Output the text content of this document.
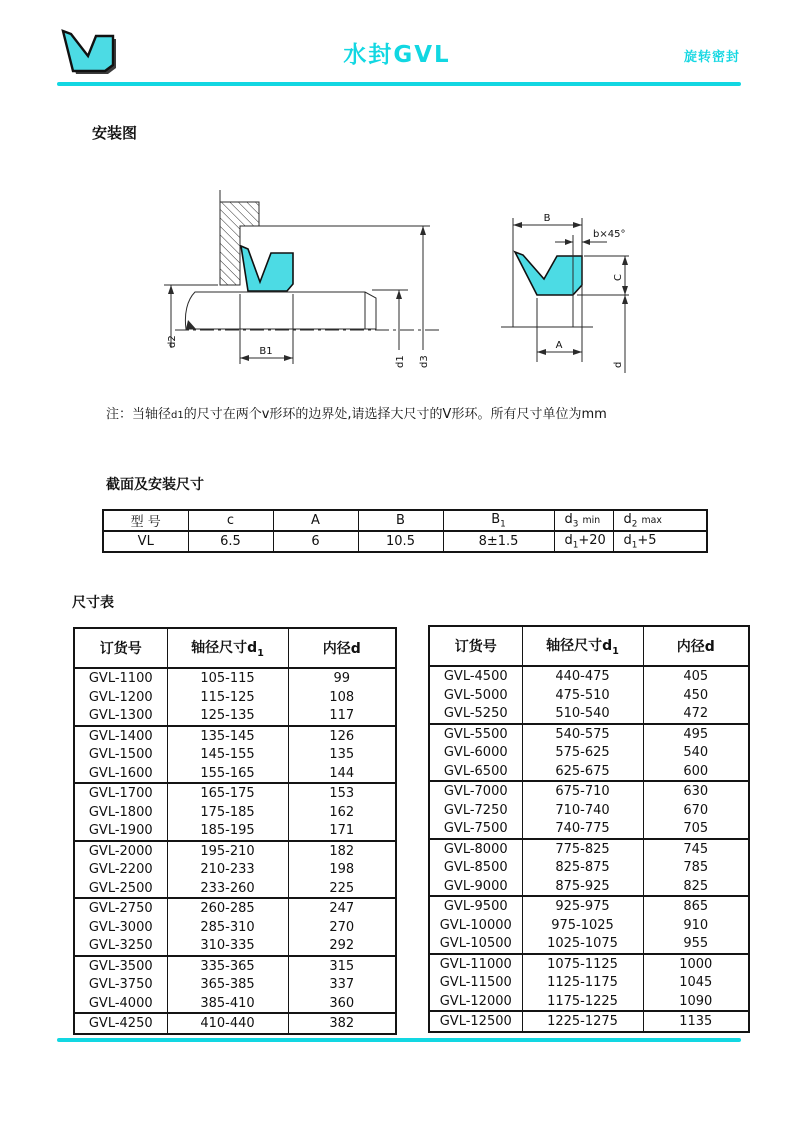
水封GVL	旋转密封
安装图
d2
B1
d1 d3
B
b×45°
C
A
d
注：当轴径d1的尺寸在两个v形环的边界处,请选择大尺寸的V形环。所有尺寸单位为mm
截面及安装尺寸
型 号	c	A	B	$B_1$	$d_3$ min	$d_2$ max
VL	6.5	6	10.5	8±1.5	$d_1+20$	$d_1+5$
尺寸表
订货号	轴径尺寸$d_1$	内径d
GVL-1100	105-115	99
GVL-1200	115-125	108
GVL-1300	125-135	117
GVL-1400	135-145	126
GVL-1500	145-155	135
GVL-1600	155-165	144
GVL-1700	165-175	153
GVL-1800	175-185	162
GVL-1900	185-195	171
GVL-2000	195-210	182
GVL-2200	210-233	198
GVL-2500	233-260	225
GVL-2750	260-285	247
GVL-3000	285-310	270
GVL-3250	310-335	292
GVL-3500	335-365	315
GVL-3750	365-385	337
GVL-4000	385-410	360
GVL-4250	410-440	382
订货号	轴径尺寸$d_1$	内径d
GVL-4500	440-475	405
GVL-5000	475-510	450
GVL-5250	510-540	472
GVL-5500	540-575	495
GVL-6000	575-625	540
GVL-6500	625-675	600
GVL-7000	675-710	630
GVL-7250	710-740	670
GVL-7500	740-775	705
GVL-8000	775-825	745
GVL-8500	825-875	785
GVL-9000	875-925	825
GVL-9500	925-975	865
GVL-10000	975-1025	910
GVL-10500	1025-1075	955
GVL-11000	1075-1125	1000
GVL-11500	1125-1175	1045
GVL-12000	1175-1225	1090
GVL-12500	1225-1275	1135
